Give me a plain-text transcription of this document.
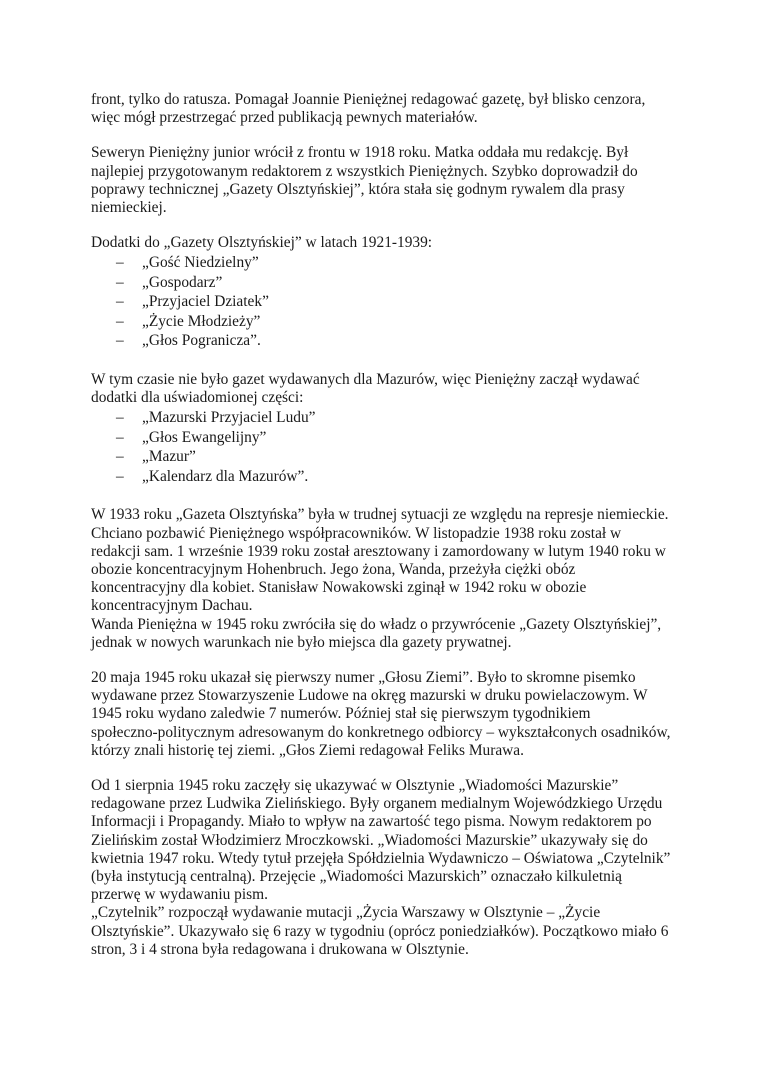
front, tylko do ratusza. Pomagał Joannie Pieniężnej redagować gazetę, był blisko cenzora,
więc mógł przestrzegać przed publikacją pewnych materiałów.

Seweryn Pieniężny junior wrócił z frontu w 1918 roku. Matka oddała mu redakcję. Był
najlepiej przygotowanym redaktorem z wszystkich Pieniężnych. Szybko doprowadził do
poprawy technicznej „Gazety Olsztyńskiej”, która stała się godnym rywalem dla prasy
niemieckiej.

Dodatki do „Gazety Olsztyńskiej” w latach 1921-1939:

– „Gość Niedzielny”
– „Gospodarz”
– „Przyjaciel Dziatek”
– „Życie Młodzieży”
– „Głos Pogranicza”.

W tym czasie nie było gazet wydawanych dla Mazurów, więc Pieniężny zaczął wydawać
dodatki dla uświadomionej części:

– „Mazurski Przyjaciel Ludu”
– „Głos Ewangelijny”
– „Mazur”
– „Kalendarz dla Mazurów”.

W 1933 roku „Gazeta Olsztyńska” była w trudnej sytuacji ze względu na represje niemieckie.
Chciano pozbawić Pieniężnego współpracowników. W listopadzie 1938 roku został w
redakcji sam. 1 wrześnie 1939 roku został aresztowany i zamordowany w lutym 1940 roku w
obozie koncentracyjnym Hohenbruch. Jego żona, Wanda, przeżyła ciężki obóz
koncentracyjny dla kobiet. Stanisław Nowakowski zginął w 1942 roku w obozie
koncentracyjnym Dachau.
Wanda Pieniężna w 1945 roku zwróciła się do władz o przywrócenie „Gazety Olsztyńskiej”,
jednak w nowych warunkach nie było miejsca dla gazety prywatnej.

20 maja 1945 roku ukazał się pierwszy numer „Głosu Ziemi”. Było to skromne pisemko
wydawane przez Stowarzyszenie Ludowe na okręg mazurski w druku powielaczowym. W
1945 roku wydano zaledwie 7 numerów. Później stał się pierwszym tygodnikiem
społeczno-politycznym adresowanym do konkretnego odbiorcy – wykształconych osadników,
którzy znali historię tej ziemi. „Głos Ziemi redagował Feliks Murawa.

Od 1 sierpnia 1945 roku zaczęły się ukazywać w Olsztynie „Wiadomości Mazurskie”
redagowane przez Ludwika Zielińskiego. Były organem medialnym Wojewódzkiego Urzędu
Informacji i Propagandy. Miało to wpływ na zawartość tego pisma. Nowym redaktorem po
Zielińskim został Włodzimierz Mroczkowski. „Wiadomości Mazurskie” ukazywały się do
kwietnia 1947 roku. Wtedy tytuł przejęła Spółdzielnia Wydawniczo – Oświatowa „Czytelnik”
(była instytucją centralną). Przejęcie „Wiadomości Mazurskich” oznaczało kilkuletnią
przerwę w wydawaniu pism.
„Czytelnik” rozpoczął wydawanie mutacji „Życia Warszawy w Olsztynie – „Życie
Olsztyńskie”. Ukazywało się 6 razy w tygodniu (oprócz poniedziałków). Początkowo miało 6
stron, 3 i 4 strona była redagowana i drukowana w Olsztynie.
